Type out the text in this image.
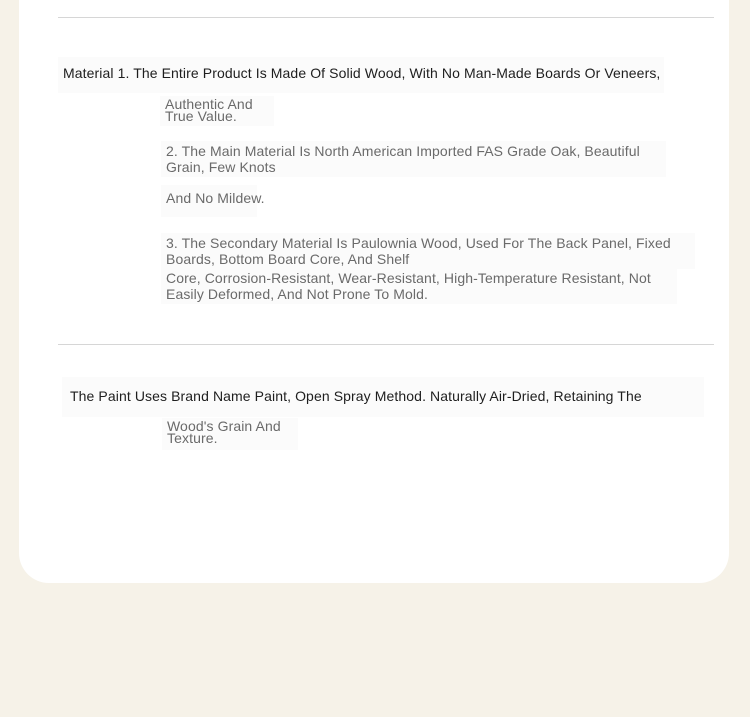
Material 1. The Entire Product Is Made Of Solid Wood, With No Man-Made Boards Or Veneers,
Authentic And
True Value.
2. The Main Material Is North American Imported FAS Grade Oak, Beautiful
Grain, Few Knots
And No Mildew.
3. The Secondary Material Is Paulownia Wood, Used For The Back Panel, Fixed
Boards, Bottom Board Core, And Shelf
Core, Corrosion-Resistant, Wear-Resistant, High-Temperature Resistant, Not
Easily Deformed, And Not Prone To Mold.
The Paint Uses Brand Name Paint, Open Spray Method. Naturally Air-Dried, Retaining The
Wood's Grain And
Texture.
